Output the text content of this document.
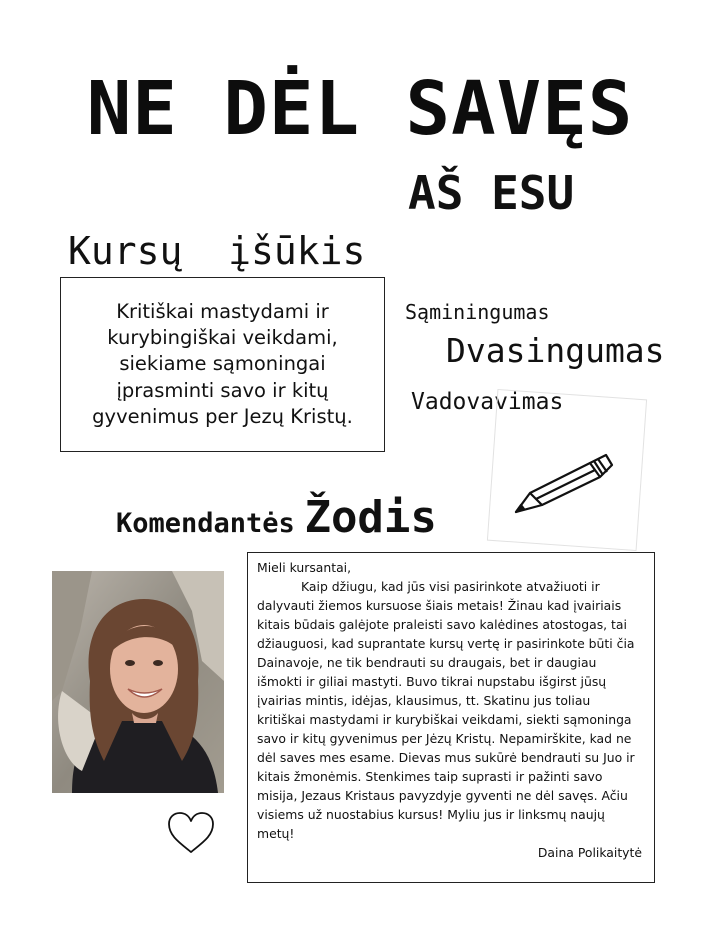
NE DĖL SAVĘS
AŠ ESU
Kursų  įšūkis
Kritiškai mastydami ir kurybingiškai veikdami, siekiame sąmoningai įprasminti savo ir kitų gyvenimus per Jezų Kristų.
Sąminingumas
Dvasingumas
Vadovavimas
Komendantės Žodis

Mieli kursantai,

Kaip džiugu, kad jūs visi pasirinkote atvažiuoti ir dalyvauti žiemos kursuose šiais metais! Žinau kad įvairiais kitais būdais galėjote praleisti savo kalėdines atostogas, tai džiauguosi, kad suprantate kursų vertę ir pasirinkote būti čia Dainavoje, ne tik bendrauti su draugais, bet ir daugiau išmokti ir giliai mastyti. Buvo tikrai nupstabu išgirst jūsų įvairias mintis, idėjas, klausimus, tt. Skatinu jus toliau kritiškai mastydami ir kurybiškai veikdami, siekti sąmoninga savo ir kitų gyvenimus per Jėzų Kristų. Nepamirškite, kad ne dėl saves mes esame. Dievas mus sukūrė bendrauti su Juo ir kitais žmonėmis. Stenkimes taip suprasti ir pažinti savo misija, Jezaus Kristaus pavyzdyje gyventi ne dėl savęs. Ačiu visiems už nuostabius kursus! Myliu jus ir linksmų naujų metų!

Daina Polikaitytė
